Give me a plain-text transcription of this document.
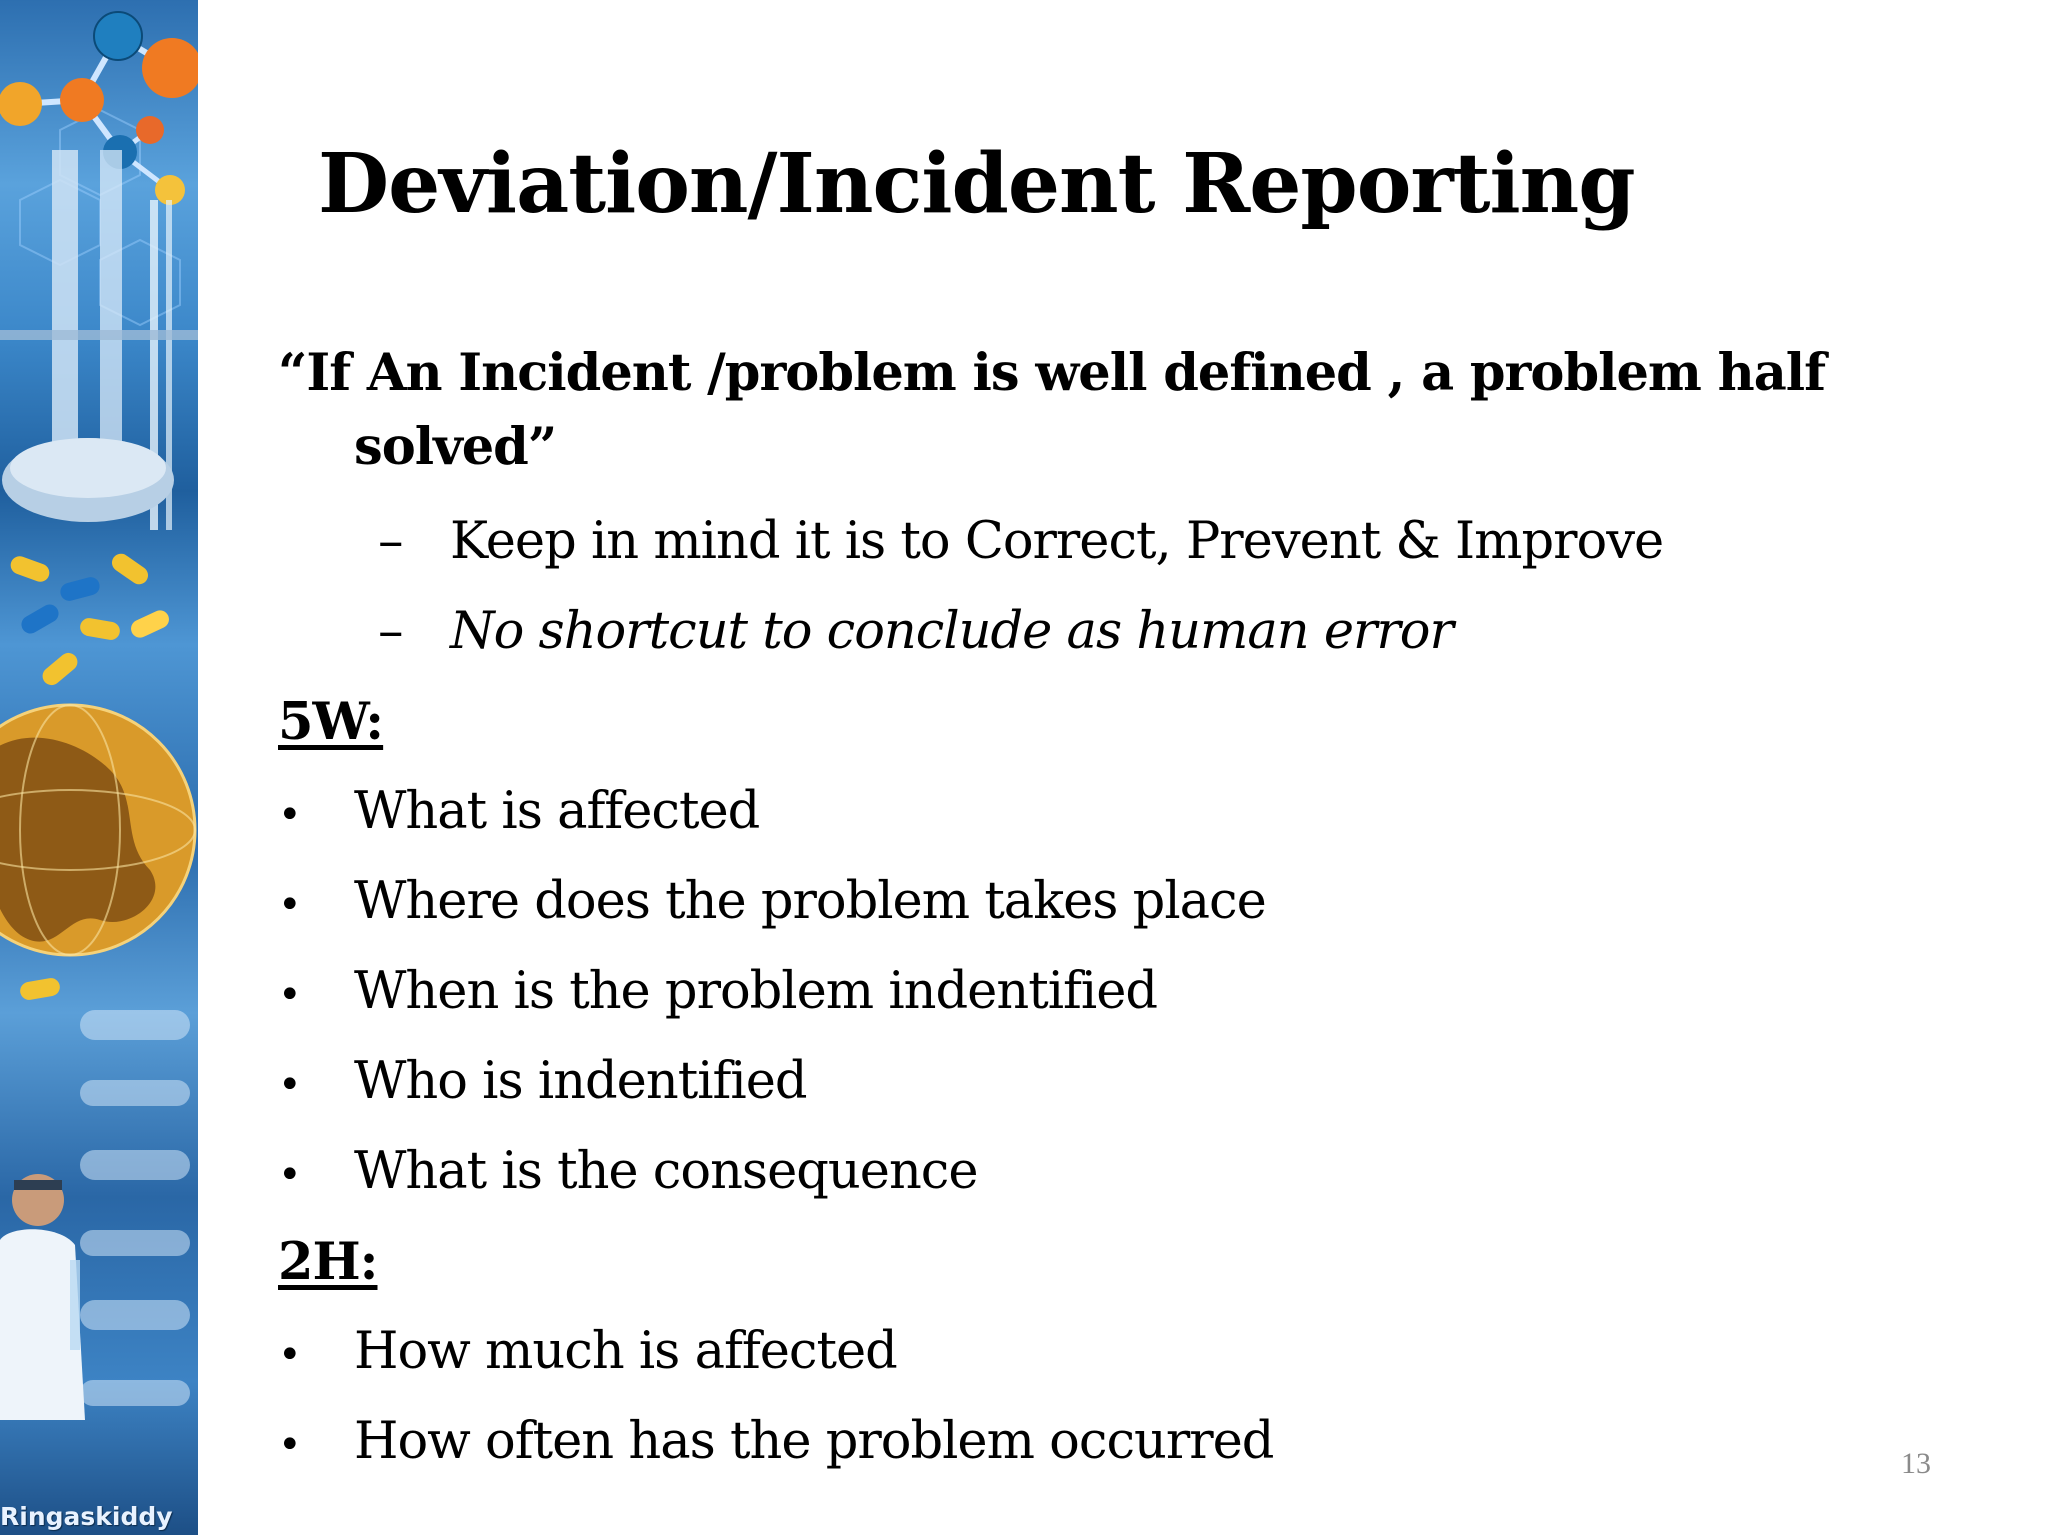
Ringaskiddy
Deviation/Incident Reporting
“If An Incident /problem is well defined , a problem half
solved”
– Keep in mind it is to Correct, Prevent & Improve
– No shortcut to conclude as human error
5W:
• What is affected
• Where does the problem takes place
• When is the problem indentified
• Who is indentified
• What is the consequence
2H:
• How much is affected
• How often has the problem occurred	13
